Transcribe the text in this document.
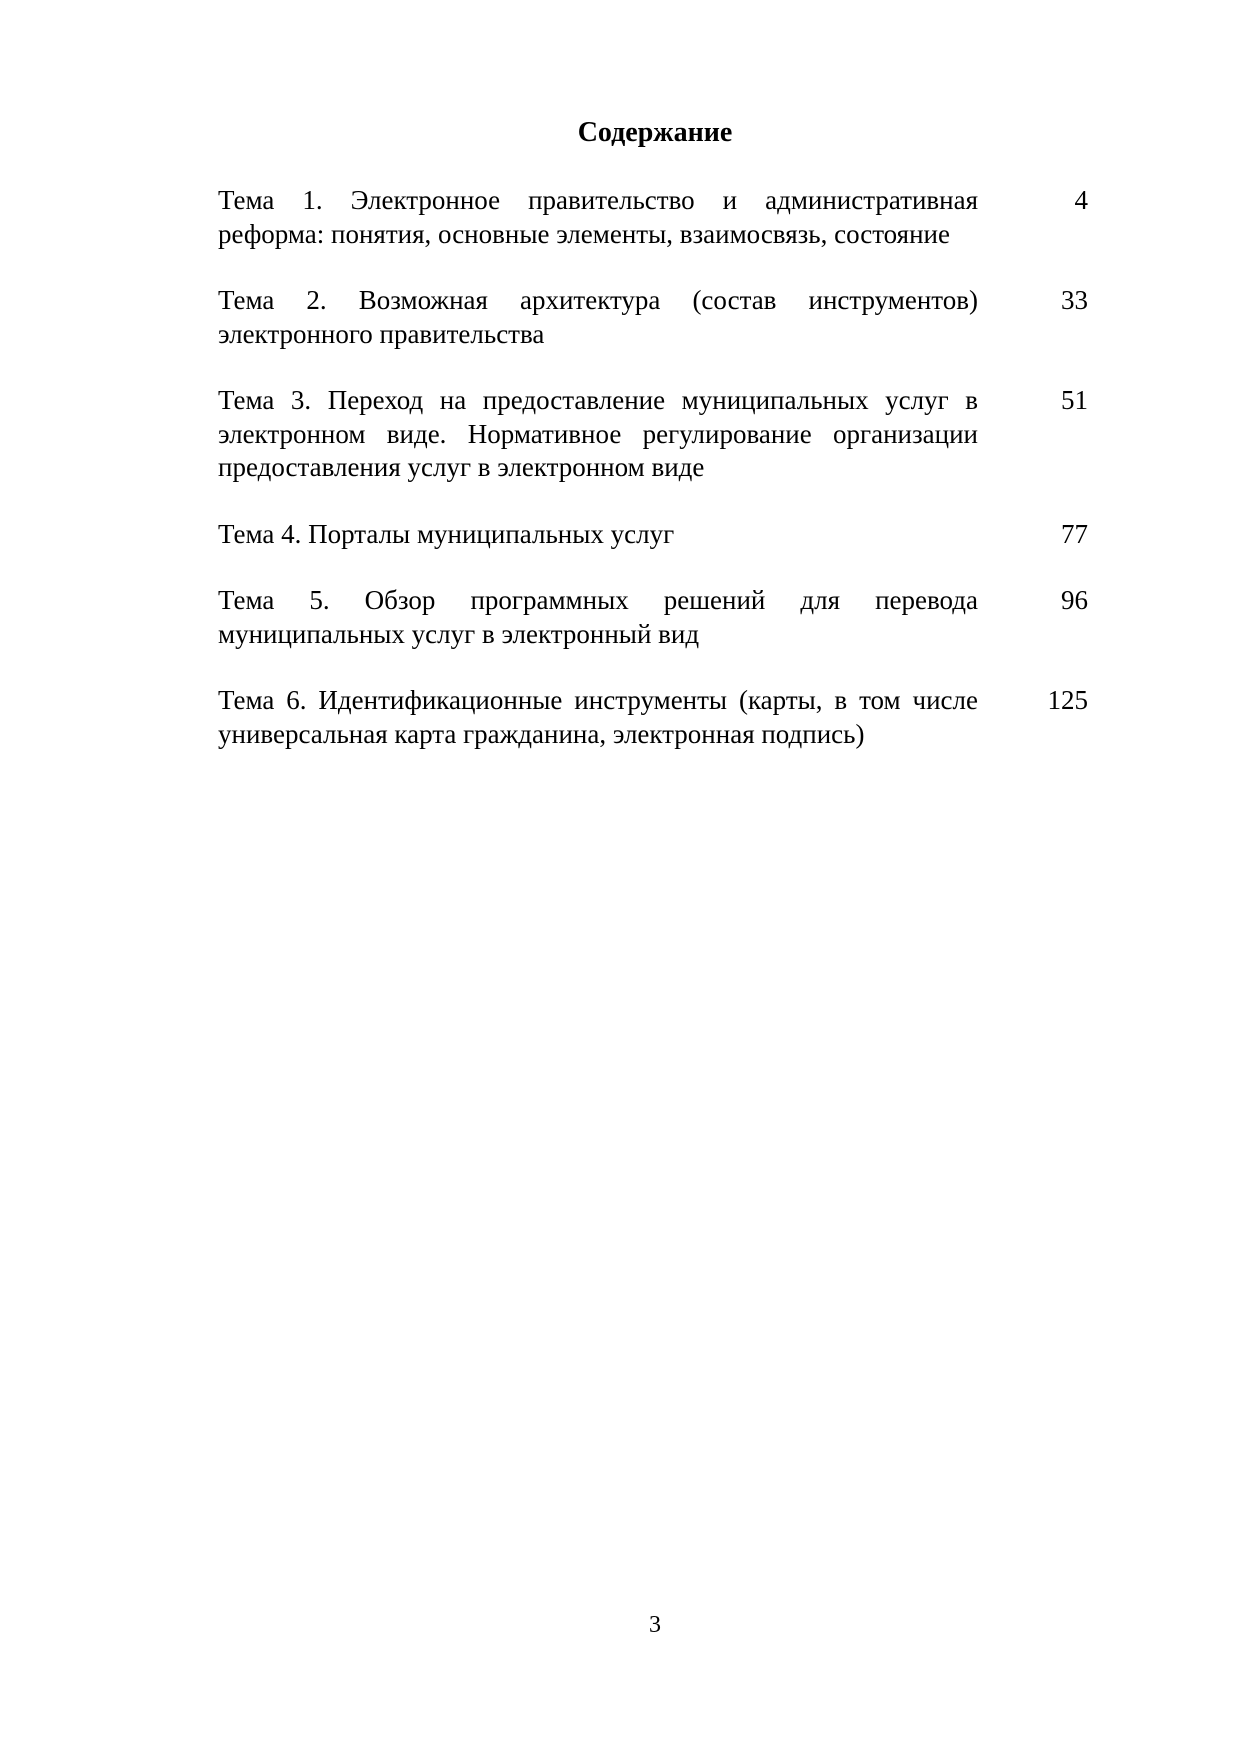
Содержание
Тема 1. Электронное правительство и административная реформа: понятия, основные элементы, взаимосвязь, состояние
4
Тема 2. Возможная архитектура (состав инструментов) электронного правительства
33
Тема 3. Переход на предоставление муниципальных услуг в электронном виде. Нормативное регулирование организации предоставления услуг в электронном виде
51
Тема 4. Порталы муниципальных услуг	77
Тема 5. Обзор программных решений для перевода муниципальных услуг в электронный вид
96
Тема 6. Идентификационные инструменты (карты, в том числе универсальная карта гражданина, электронная подпись)
125
3
